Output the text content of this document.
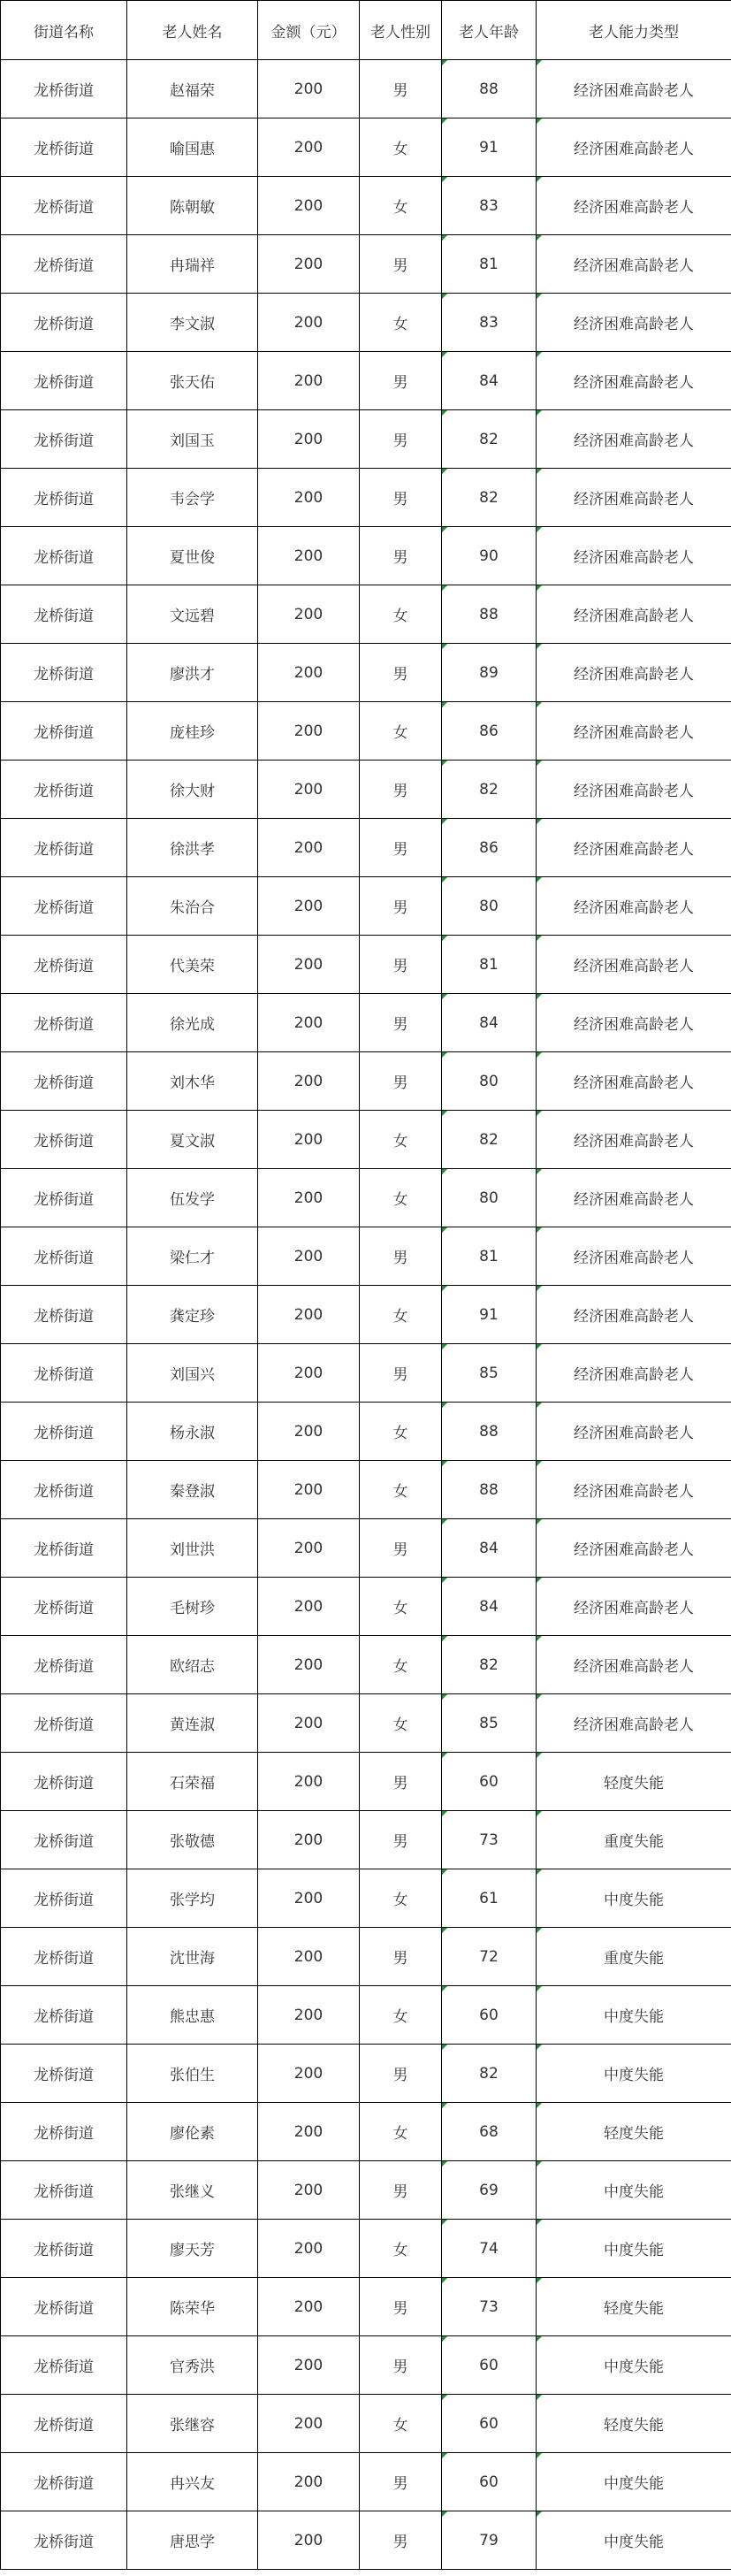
街道名称	老人姓名	金额（元）	老人性别	老人年龄	老人能力类型
龙桥街道	赵福荣	200	男	88	经济困难高龄老人
龙桥街道	喻国惠	200	女	91	经济困难高龄老人
龙桥街道	陈朝敏	200	女	83	经济困难高龄老人
龙桥街道	冉瑞祥	200	男	81	经济困难高龄老人
龙桥街道	李文淑	200	女	83	经济困难高龄老人
龙桥街道	张天佑	200	男	84	经济困难高龄老人
龙桥街道	刘国玉	200	男	82	经济困难高龄老人
龙桥街道	韦会学	200	男	82	经济困难高龄老人
龙桥街道	夏世俊	200	男	90	经济困难高龄老人
龙桥街道	文远碧	200	女	88	经济困难高龄老人
龙桥街道	廖洪才	200	男	89	经济困难高龄老人
龙桥街道	庞桂珍	200	女	86	经济困难高龄老人
龙桥街道	徐大财	200	男	82	经济困难高龄老人
龙桥街道	徐洪孝	200	男	86	经济困难高龄老人
龙桥街道	朱治合	200	男	80	经济困难高龄老人
龙桥街道	代美荣	200	男	81	经济困难高龄老人
龙桥街道	徐光成	200	男	84	经济困难高龄老人
龙桥街道	刘木华	200	男	80	经济困难高龄老人
龙桥街道	夏文淑	200	女	82	经济困难高龄老人
龙桥街道	伍发学	200	女	80	经济困难高龄老人
龙桥街道	梁仁才	200	男	81	经济困难高龄老人
龙桥街道	龚定珍	200	女	91	经济困难高龄老人
龙桥街道	刘国兴	200	男	85	经济困难高龄老人
龙桥街道	杨永淑	200	女	88	经济困难高龄老人
龙桥街道	秦登淑	200	女	88	经济困难高龄老人
龙桥街道	刘世洪	200	男	84	经济困难高龄老人
龙桥街道	毛树珍	200	女	84	经济困难高龄老人
龙桥街道	欧绍志	200	女	82	经济困难高龄老人
龙桥街道	黄连淑	200	女	85	经济困难高龄老人
龙桥街道	石荣福	200	男	60	轻度失能
龙桥街道	张敬德	200	男	73	重度失能
龙桥街道	张学均	200	女	61	中度失能
龙桥街道	沈世海	200	男	72	重度失能
龙桥街道	熊忠惠	200	女	60	中度失能
龙桥街道	张伯生	200	男	82	中度失能
龙桥街道	廖伦素	200	女	68	轻度失能
龙桥街道	张继义	200	男	69	中度失能
龙桥街道	廖天芳	200	女	74	中度失能
龙桥街道	陈荣华	200	男	73	轻度失能
龙桥街道	官秀洪	200	男	60	中度失能
龙桥街道	张继容	200	女	60	轻度失能
龙桥街道	冉兴友	200	男	60	中度失能
龙桥街道	唐思学	200	男	79	中度失能
